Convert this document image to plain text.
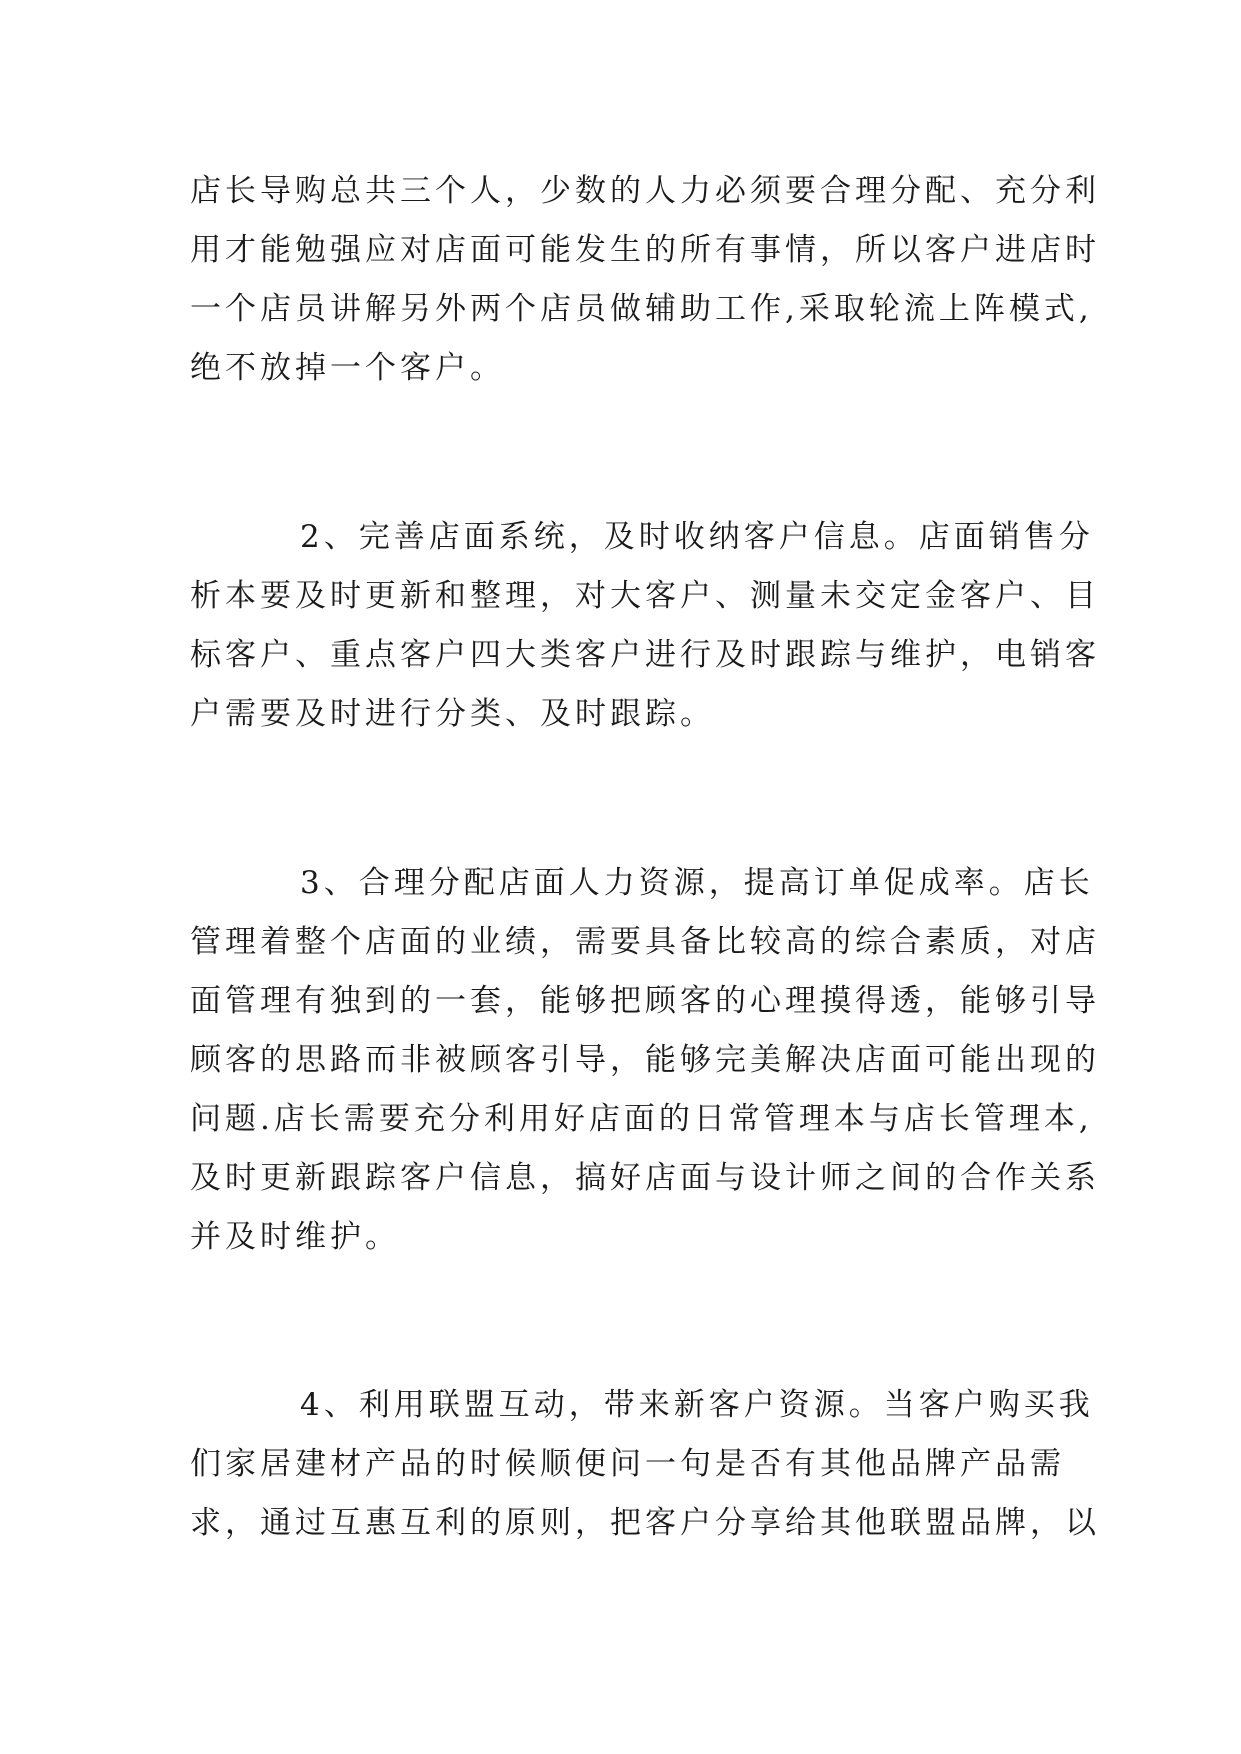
店长导购总共三个人，少数的人力必须要合理分配、充分利
用才能勉强应对店面可能发生的所有事情，所以客户进店时
一个店员讲解另外两个店员做辅助工作,采取轮流上阵模式,
绝不放掉一个客户。

2、完善店面系统，及时收纳客户信息。店面销售分
析本要及时更新和整理，对大客户、测量未交定金客户、目
标客户、重点客户四大类客户进行及时跟踪与维护，电销客
户需要及时进行分类、及时跟踪。

3、合理分配店面人力资源，提高订单促成率。店长
管理着整个店面的业绩，需要具备比较高的综合素质，对店
面管理有独到的一套，能够把顾客的心理摸得透，能够引导
顾客的思路而非被顾客引导，能够完美解决店面可能出现的
问题.店长需要充分利用好店面的日常管理本与店长管理本,
及时更新跟踪客户信息，搞好店面与设计师之间的合作关系
并及时维护。

4、利用联盟互动，带来新客户资源。当客户购买我
们家居建材产品的时候顺便问一句是否有其他品牌产品需
求，通过互惠互利的原则，把客户分享给其他联盟品牌，以
